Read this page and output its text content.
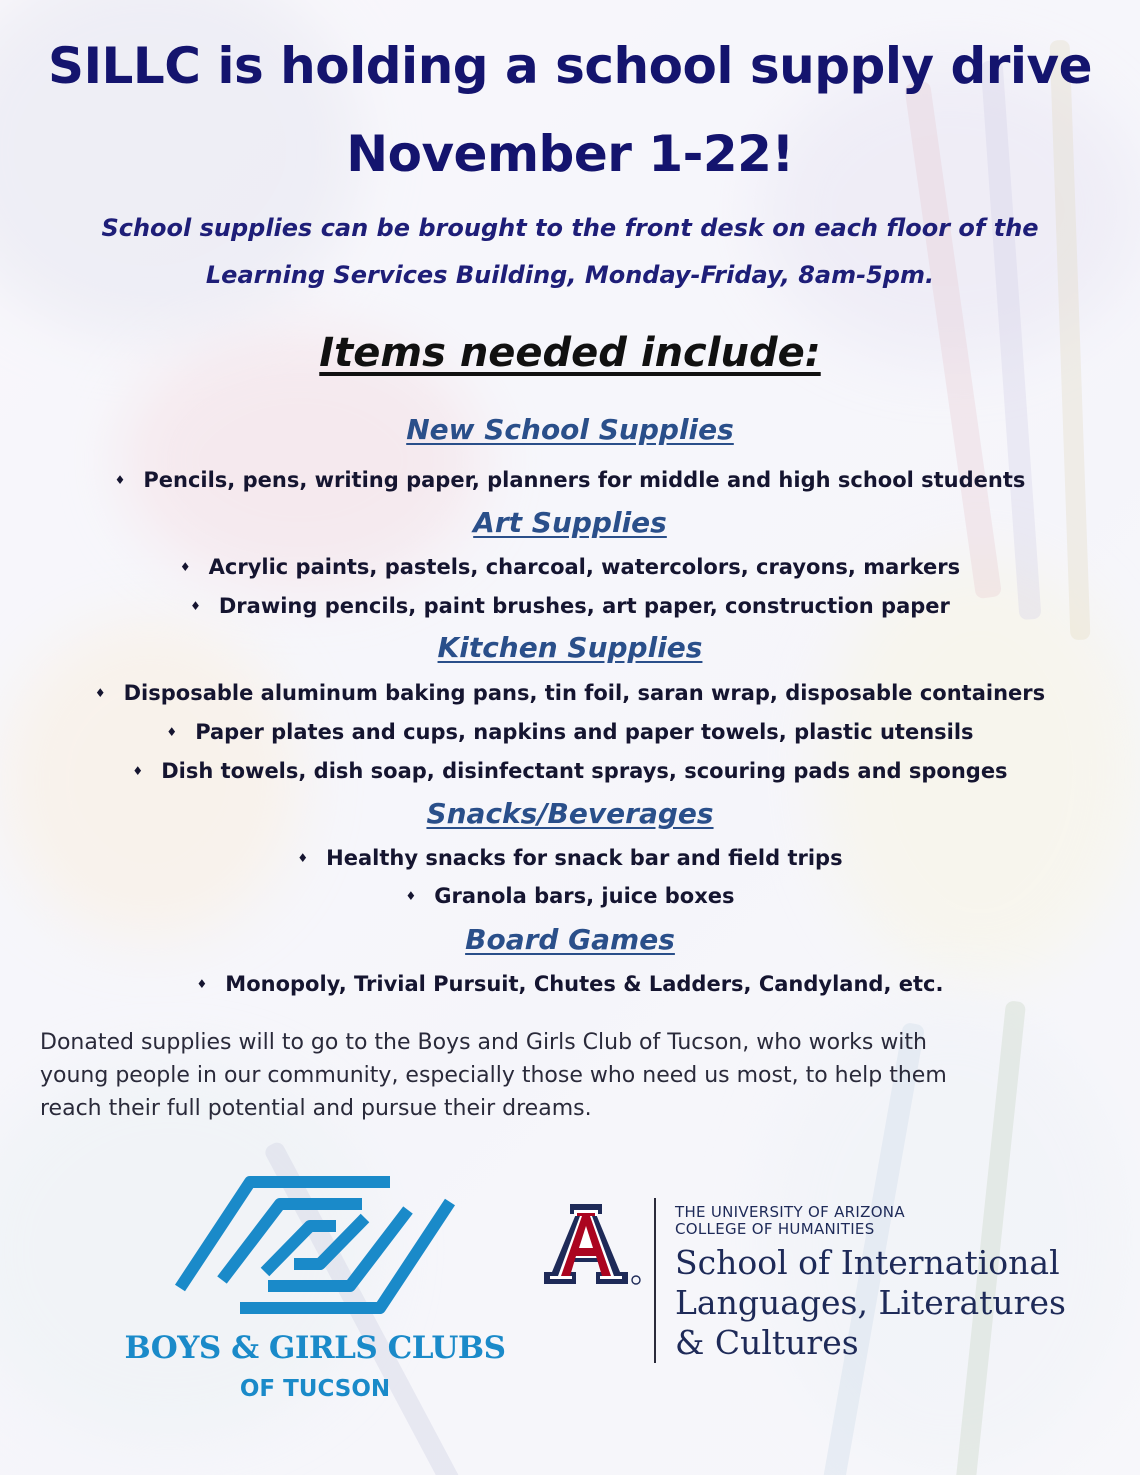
SILLC is holding a school supply drive
November 1-22!

School supplies can be brought to the front desk on each floor of the
Learning Services Building, Monday-Friday, 8am-5pm.

Items needed include:
New School Supplies
♦ Pencils, pens, writing paper, planners for middle and high school students
Art Supplies
♦ Acrylic paints, pastels, charcoal, watercolors, crayons, markers
♦ Drawing pencils, paint brushes, art paper, construction paper
Kitchen Supplies
♦ Disposable aluminum baking pans, tin foil, saran wrap, disposable containers
♦ Paper plates and cups, napkins and paper towels, plastic utensils
♦ Dish towels, dish soap, disinfectant sprays, scouring pads and sponges
Snacks/Beverages
♦ Healthy snacks for snack bar and field trips
♦ Granola bars, juice boxes
Board Games
♦ Monopoly, Trivial Pursuit, Chutes & Ladders, Candyland, etc.

Donated supplies will to go to the Boys and Girls Club of Tucson, who works with
young people in our community, especially those who need us most, to help them
reach their full potential and pursue their dreams.

BOYS & GIRLS CLUBS
OF TUCSON
THE UNIVERSITY OF ARIZONA
COLLEGE OF HUMANITIES

School of International
Languages, Literatures
& Cultures
